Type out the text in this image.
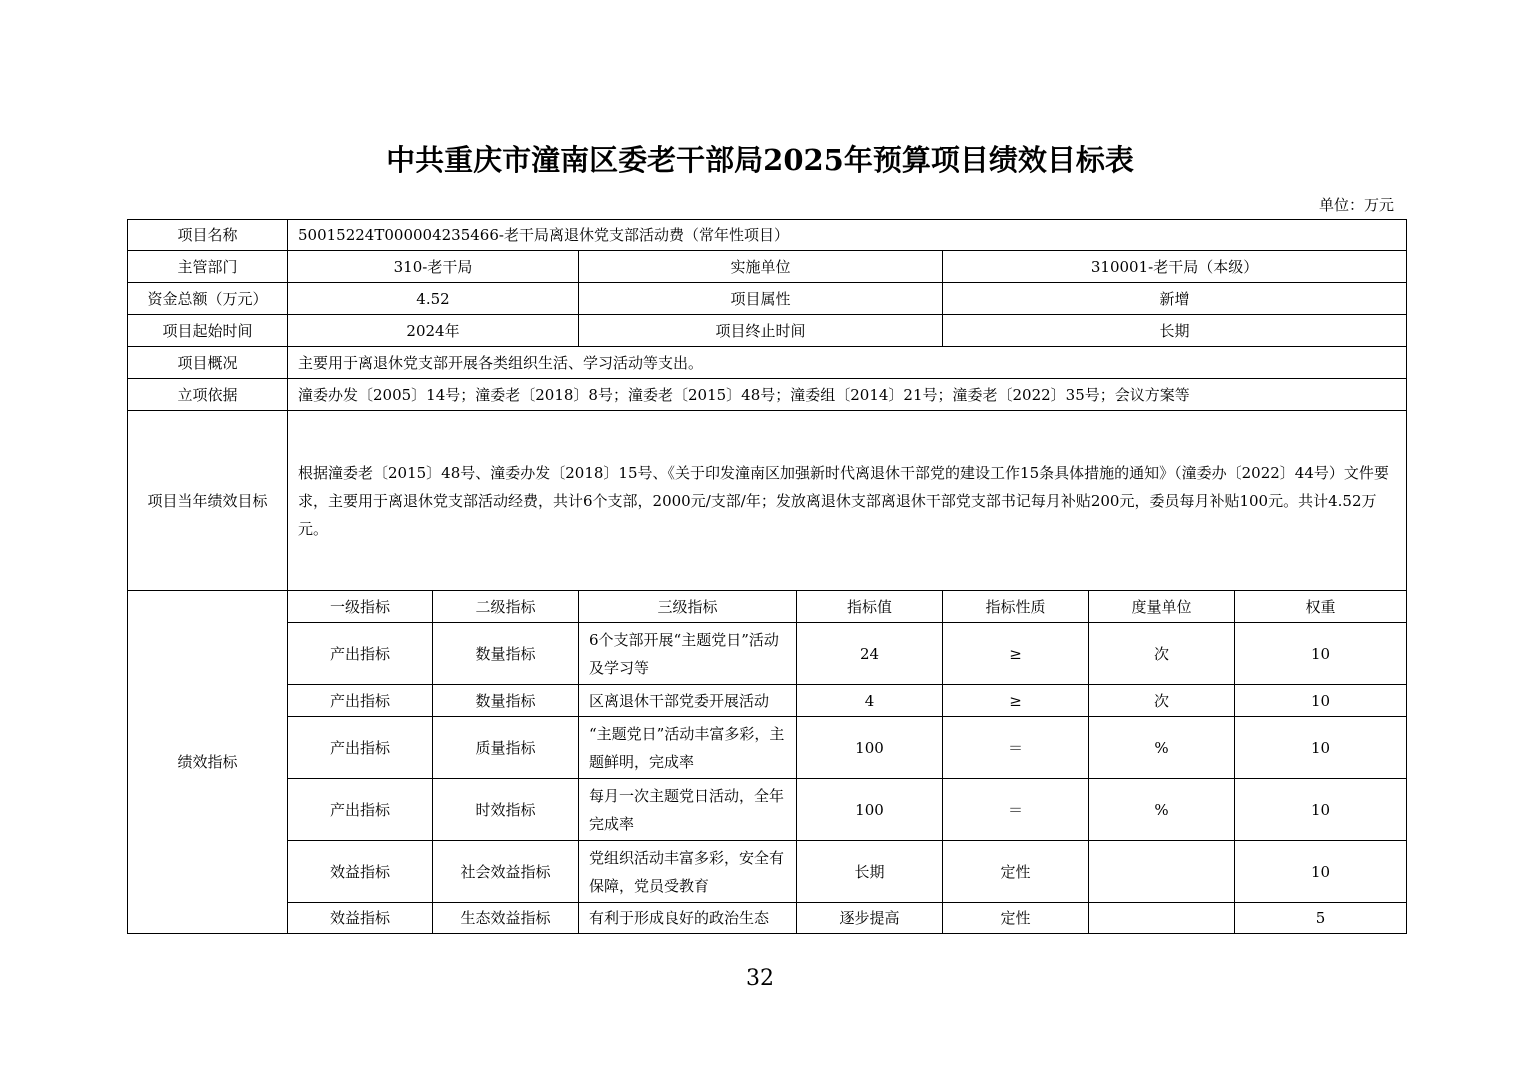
中共重庆市潼南区委老干部局2025年预算项目绩效目标表
单位：万元
项目名称	50015224T000004235466-老干局离退休党支部活动费（常年性项目）						
主管部门	310-老干局		实施单位		310001-老干局（本级）		
资金总额（万元）	4.52		项目属性		新增		
项目起始时间	2024年		项目终止时间		长期		
项目概况	主要用于离退休党支部开展各类组织生活、学习活动等支出。						
立项依据	潼委办发〔2005〕14号；潼委老〔2018〕8号；潼委老〔2015〕48号；潼委组〔2014〕21号；潼委老〔2022〕35号；会议方案等						
项目当年绩效目标	根据潼委老〔2015〕48号、潼委办发〔2018〕15号、《关于印发潼南区加强新时代离退休干部党的建设工作15条具体措施的通知》（潼委办〔2022〕44号）文件要求，主要用于离退休党支部活动经费，共计6个支部，2000元/支部/年；发放离退休支部离退休干部党支部书记每月补贴200元，委员每月补贴100元。共计4.52万元。						
绩效指标	一级指标	二级指标	三级指标	指标值	指标性质	度量单位	权重
	产出指标	数量指标	6个支部开展“主题党日”活动及学习等	24	≥	次	10
	产出指标	数量指标	区离退休干部党委开展活动	4	≥	次	10
	产出指标	质量指标	“主题党日”活动丰富多彩，主题鲜明，完成率	100	＝	%	10
	产出指标	时效指标	每月一次主题党日活动，全年完成率	100	＝	%	10
	效益指标	社会效益指标	党组织活动丰富多彩，安全有保障，党员受教育	长期	定性		10
	效益指标	生态效益指标	有利于形成良好的政治生态	逐步提高	定性		5
32
